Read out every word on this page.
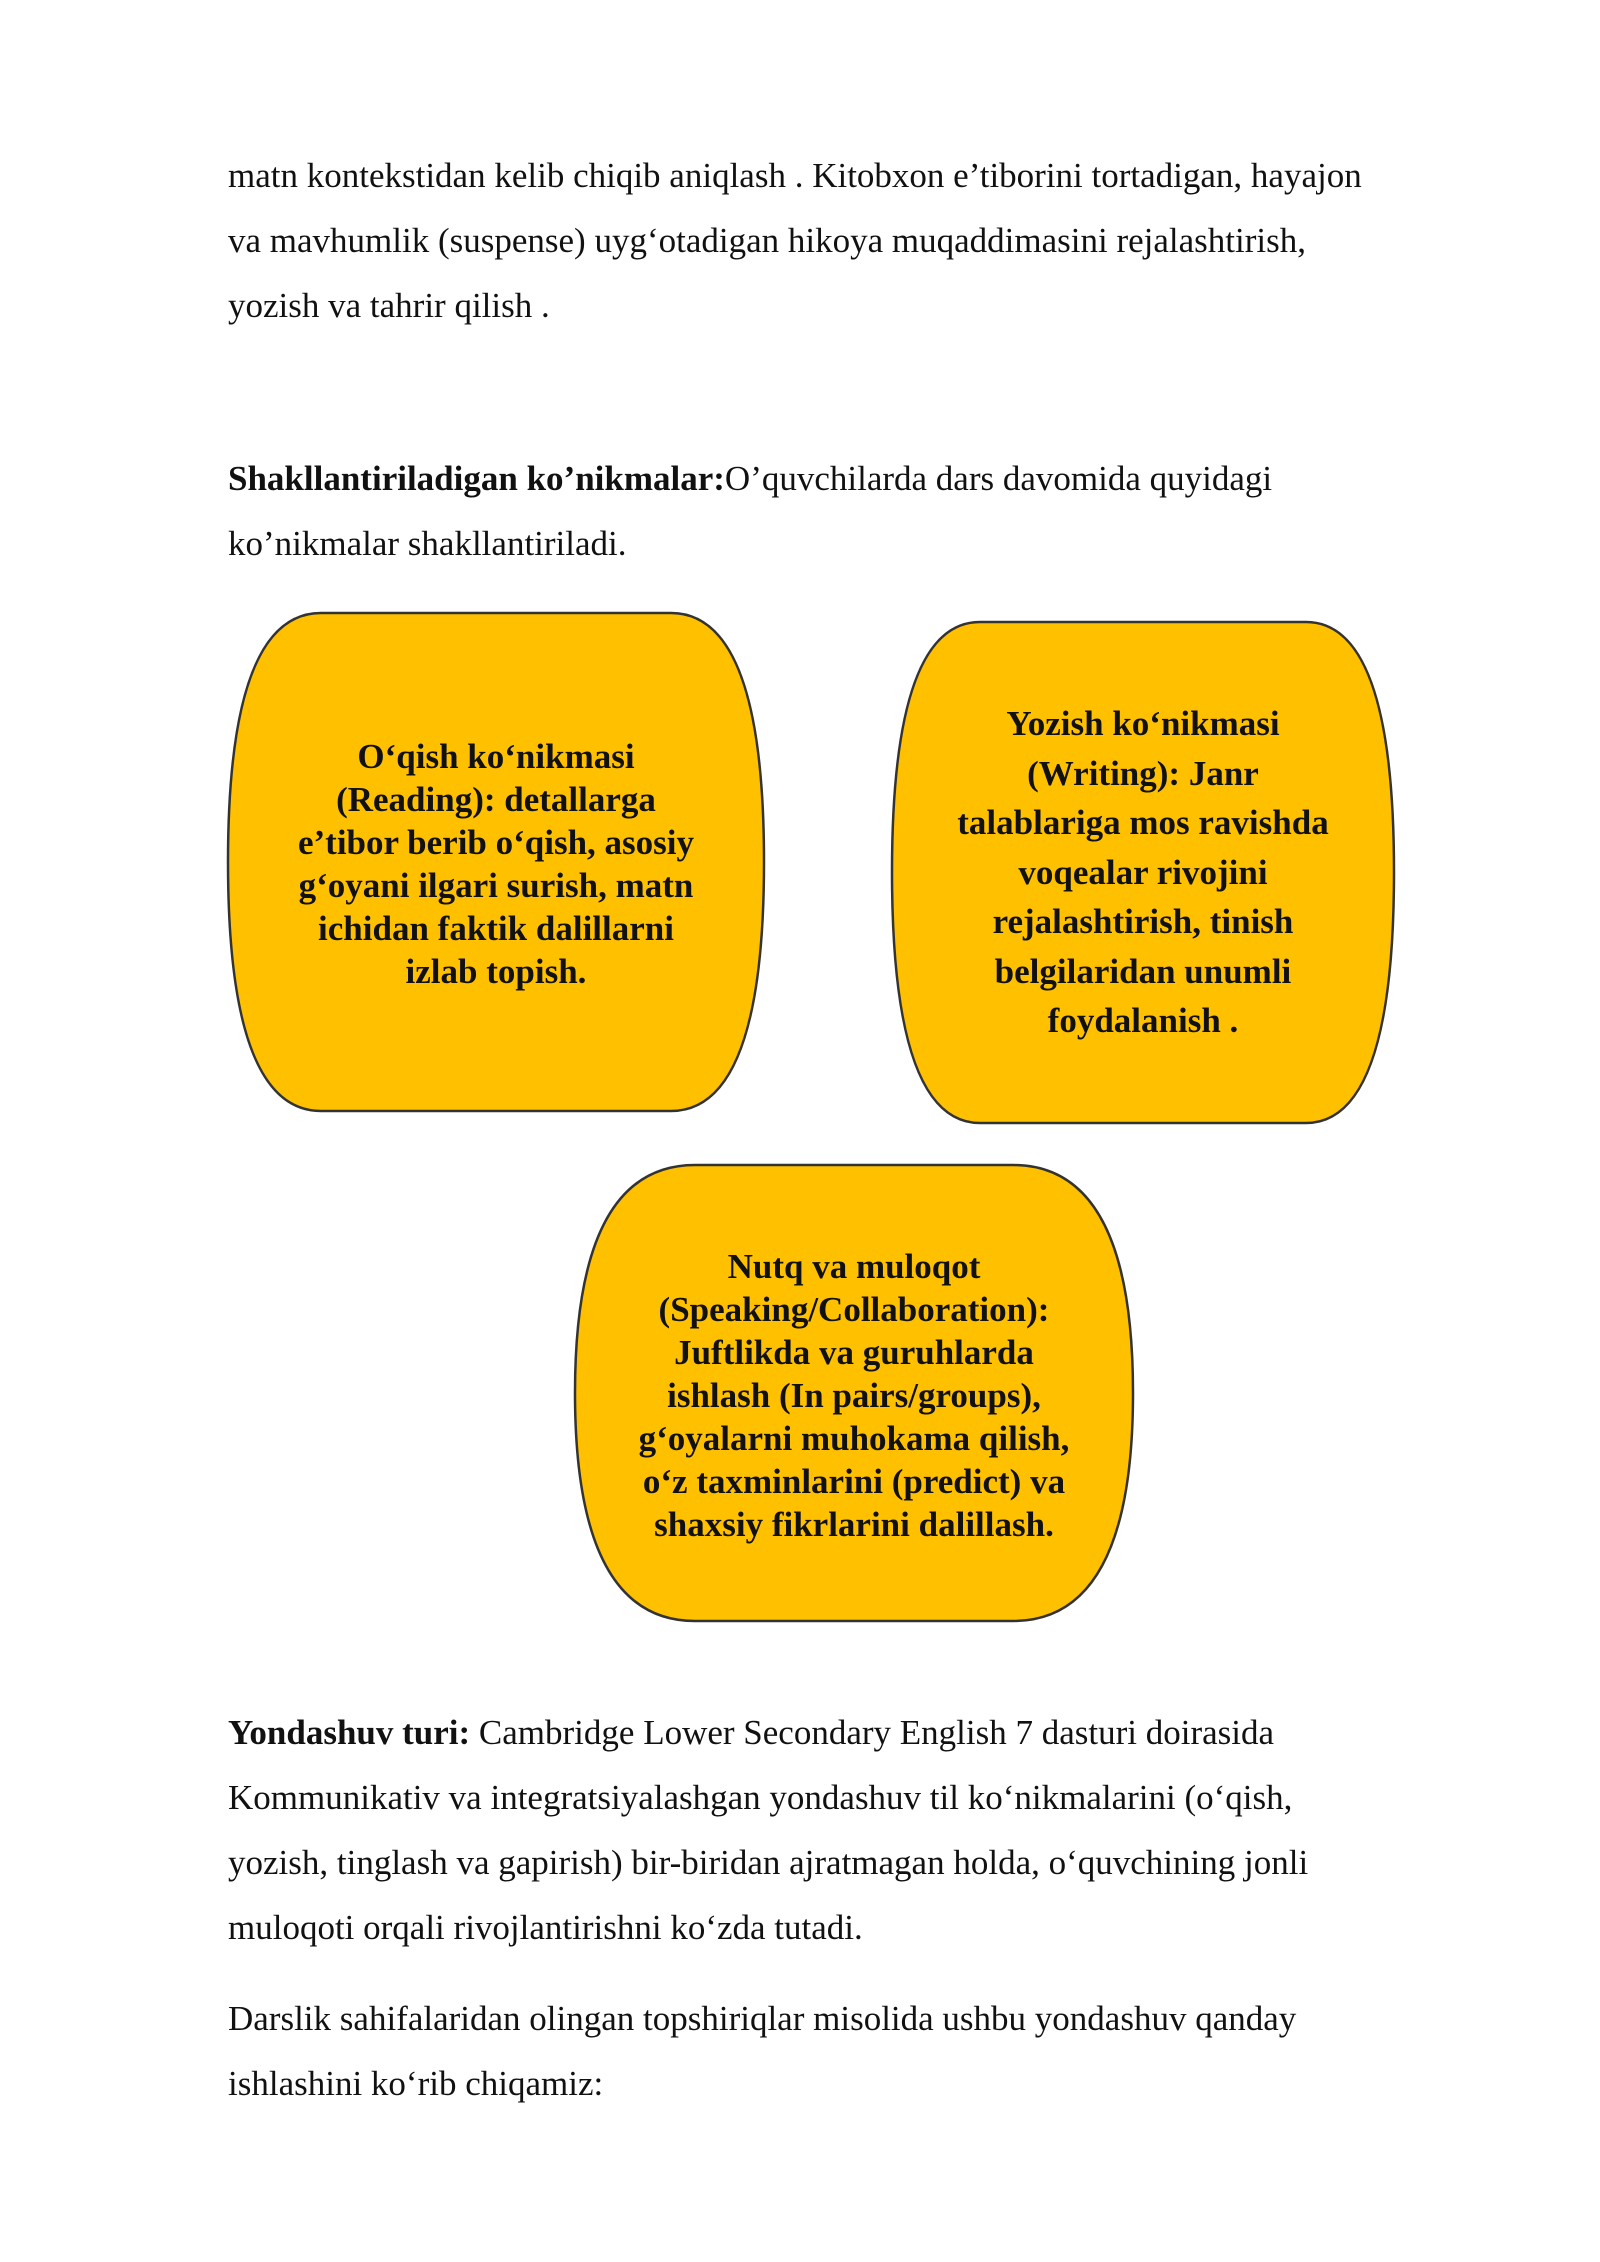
matn kontekstidan kelib chiqib aniqlash . Kitobxon e’tiborini tortadigan, hayajon
va mavhumlik (suspense) uyg‘otadigan hikoya muqaddimasini rejalashtirish,
yozish va tahrir qilish .

Shakllantiriladigan ko’nikmalar:O’quvchilarda dars davomida quyidagi
ko’nikmalar shakllantiriladi.

O‘qish ko‘nikmasi
(Reading): detallarga
e’tibor berib o‘qish, asosiy
g‘oyani ilgari surish, matn
ichidan faktik dalillarni
izlab topish.
Yozish ko‘nikmasi
(Writing): Janr
talablariga mos ravishda
voqealar rivojini
rejalashtirish, tinish
belgilaridan unumli
foydalanish .
Nutq va muloqot
(Speaking/Collaboration):
Juftlikda va guruhlarda
ishlash (In pairs/groups),
g‘oyalarni muhokama qilish,
o‘z taxminlarini (predict) va
shaxsiy fikrlarini dalillash.

Yondashuv turi: Cambridge Lower Secondary English 7 dasturi doirasida
Kommunikativ va integratsiyalashgan yondashuv til ko‘nikmalarini (o‘qish,
yozish, tinglash va gapirish) bir-biridan ajratmagan holda, o‘quvchining jonli
muloqoti orqali rivojlantirishni ko‘zda tutadi.

Darslik sahifalaridan olingan topshiriqlar misolida ushbu yondashuv qanday
ishlashini ko‘rib chiqamiz:
